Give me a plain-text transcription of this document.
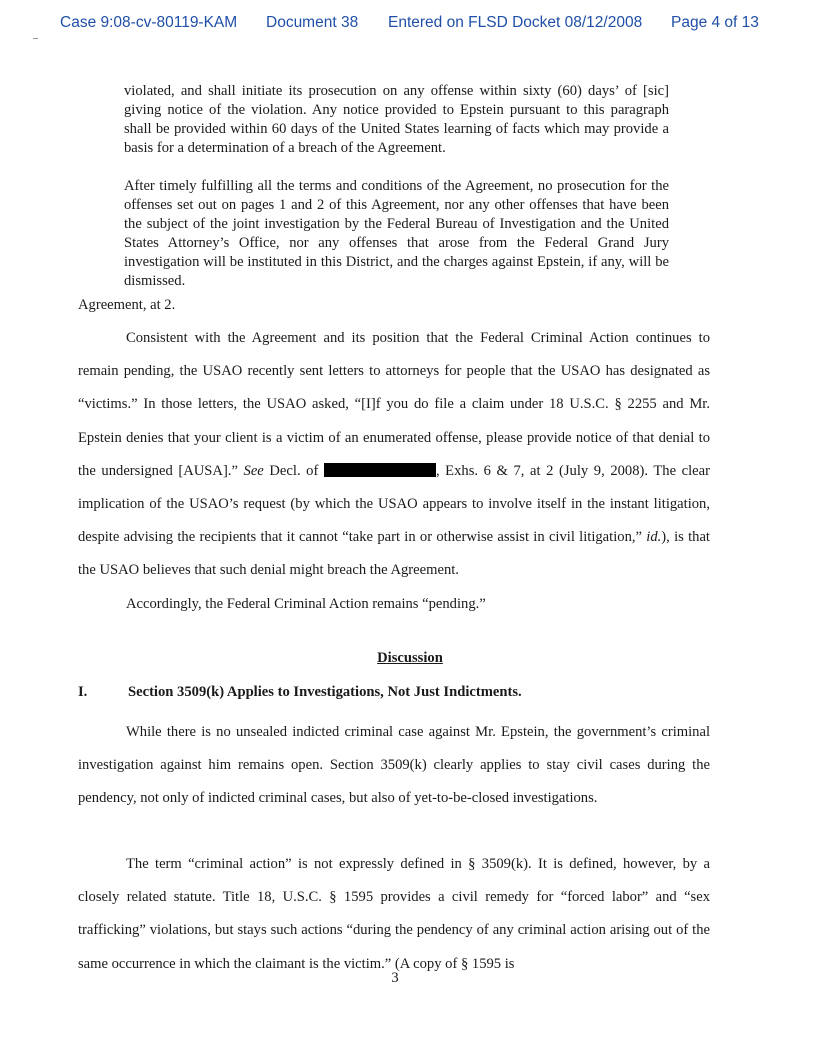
Case 9:08-cv-80119-KAM Document 38 Entered on FLSD Docket 08/12/2008 Page 4 of 13
violated, and shall initiate its prosecution on any offense within sixty (60) days’ of [sic] giving notice of the violation. Any notice provided to Epstein pursuant to this paragraph shall be provided within 60 days of the United States learning of facts which may provide a basis for a determination of a breach of the Agreement.
After timely fulfilling all the terms and conditions of the Agreement, no prosecution for the offenses set out on pages 1 and 2 of this Agreement, nor any other offenses that have been the subject of the joint investigation by the Federal Bureau of Investigation and the United States Attorney’s Office, nor any offenses that arose from the Federal Grand Jury investigation will be instituted in this District, and the charges against Epstein, if any, will be dismissed.
Agreement, at 2.
Consistent with the Agreement and its position that the Federal Criminal Action continues to remain pending, the USAO recently sent letters to attorneys for people that the USAO has designated as “victims.” In those letters, the USAO asked, “[I]f you do file a claim under 18 U.S.C. § 2255 and Mr. Epstein denies that your client is a victim of an enumerated offense, please provide notice of that denial to the undersigned [AUSA].” See Decl. of	, Exhs. 6 & 7, at 2 (July 9, 2008). The clear implication of the USAO’s request (by which the USAO appears to involve itself in the instant litigation, despite advising the recipients that it cannot “take part in or otherwise assist in civil litigation,” id.), is that the USAO believes that such denial might breach the Agreement.
Accordingly, the Federal Criminal Action remains “pending.”
Discussion
I.	Section 3509(k) Applies to Investigations, Not Just Indictments.
While there is no unsealed indicted criminal case against Mr. Epstein, the government’s criminal investigation against him remains open. Section 3509(k) clearly applies to stay civil cases during the pendency, not only of indicted criminal cases, but also of yet-to-be-closed investigations.
The term “criminal action” is not expressly defined in § 3509(k). It is defined, however, by a closely related statute. Title 18, U.S.C. § 1595 provides a civil remedy for “forced labor” and “sex trafficking” violations, but stays such actions “during the pendency of any criminal action arising out of the same occurrence in which the claimant is the victim.” (A copy of § 1595 is
3
